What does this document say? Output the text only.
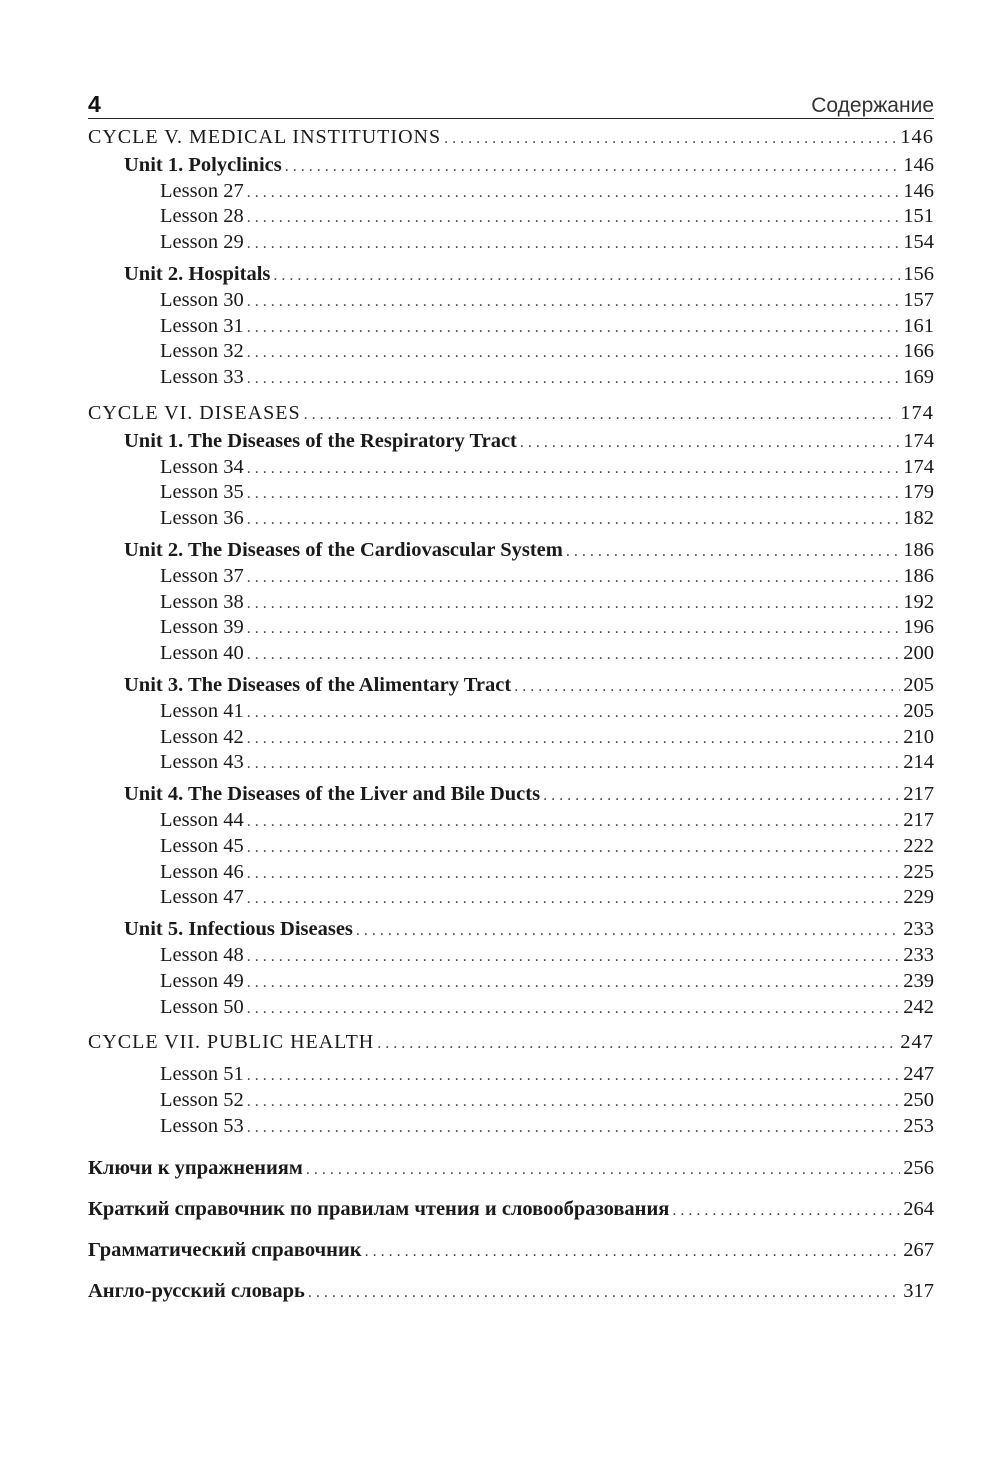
4	Содержание
CYCLE V. MEDICAL INSTITUTIONS . . .	146
Unit 1. Polyclinics . . .	146
Lesson 27 . . .	146
Lesson 28 . . .	151
Lesson 29 . . .	154
Unit 2. Hospitals . . .	156
Lesson 30 . . .	157
Lesson 31 . . .	161
Lesson 32 . . .	166
Lesson 33 . . .	169
CYCLE VI. DISEASES . . .	174
Unit 1. The Diseases of the Respiratory Tract . . .	174
Lesson 34 . . .	174
Lesson 35 . . .	179
Lesson 36 . . .	182
Unit 2. The Diseases of the Cardiovascular System . . .	186
Lesson 37 . . .	186
Lesson 38 . . .	192
Lesson 39 . . .	196
Lesson 40 . . .	200
Unit 3. The Diseases of the Alimentary Tract . . .	205
Lesson 41 . . .	205
Lesson 42 . . .	210
Lesson 43 . . .	214
Unit 4. The Diseases of the Liver and Bile Ducts . . .	217
Lesson 44 . . .	217
Lesson 45 . . .	222
Lesson 46 . . .	225
Lesson 47 . . .	229
Unit 5. Infectious Diseases . . .	233
Lesson 48 . . .	233
Lesson 49 . . .	239
Lesson 50 . . .	242
CYCLE VII. PUBLIC HEALTH . . .	247
Lesson 51 . . .	247
Lesson 52 . . .	250
Lesson 53 . . .	253
Ключи к упражнениям . . .	256
Краткий справочник по правилам чтения и словообразования . . .	264
Грамматический справочник . . .	267
Англо-русский словарь . . .	317
